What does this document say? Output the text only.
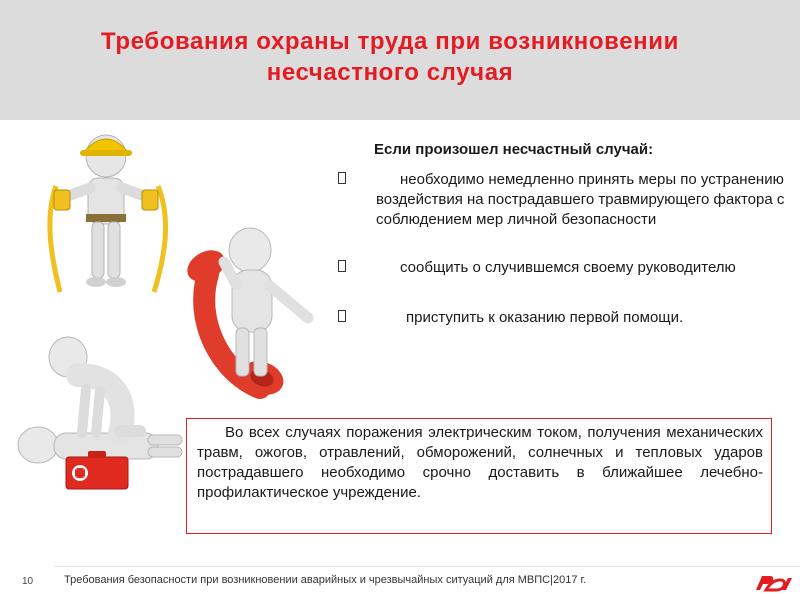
Требования охраны труда при возникновении
несчастного случая
Если произошел несчастный случай:
необходимо немедленно принять меры по устранению воздействия на пострадавшего травмирующего фактора с соблюдением мер личной безопасности
сообщить о случившемся своему руководителю
приступить к оказанию первой помощи.
Во всех случаях поражения электрическим током, получения механических травм, ожогов, отравлений, обморожений, солнечных и тепловых ударов пострадавшего необходимо срочно доставить в ближайшее лечебно-профилактическое учреждение.
10	Требования безопасности при возникновении аварийных и чрезвычайных ситуаций для МВПС|2017 г.
